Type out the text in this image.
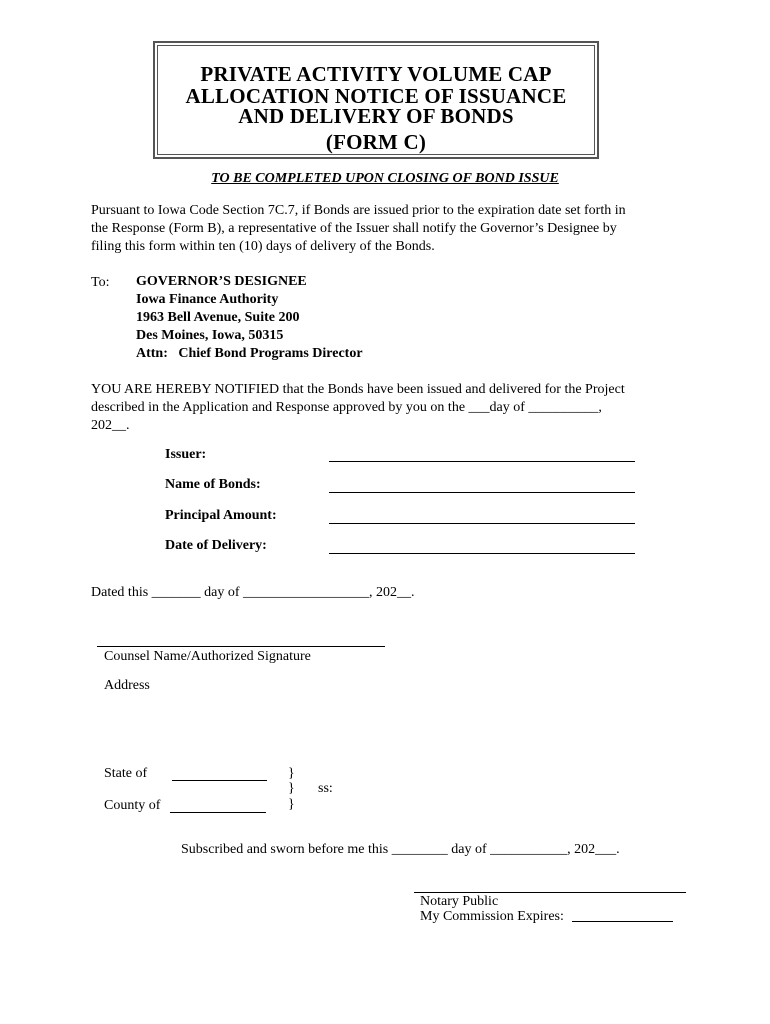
PRIVATE ACTIVITY VOLUME CAP
ALLOCATION NOTICE OF ISSUANCE
AND DELIVERY OF BONDS
(FORM C)
TO BE COMPLETED UPON CLOSING OF BOND ISSUE
Pursuant to Iowa Code Section 7C.7, if Bonds are issued prior to the expiration date set forth in
the Response (Form B), a representative of the Issuer shall notify the Governor’s Designee by
filing this form within ten (10) days of delivery of the Bonds.
To: GOVERNOR’S DESIGNEE
Iowa Finance Authority
1963 Bell Avenue, Suite 200
Des Moines, Iowa, 50315
Attn:   Chief Bond Programs Director
YOU ARE HEREBY NOTIFIED that the Bonds have been issued and delivered for the Project
described in the Application and Response approved by you on the ___day of __________,
202__.
Issuer:
Name of Bonds:
Principal Amount:
Date of Delivery:
Dated this _______ day of __________________, 202__.
Counsel Name/Authorized Signature
Address
State of
County of
}
}
}
ss:
Subscribed and sworn before me this ________ day of ___________, 202___.
Notary Public
My Commission Expires:
